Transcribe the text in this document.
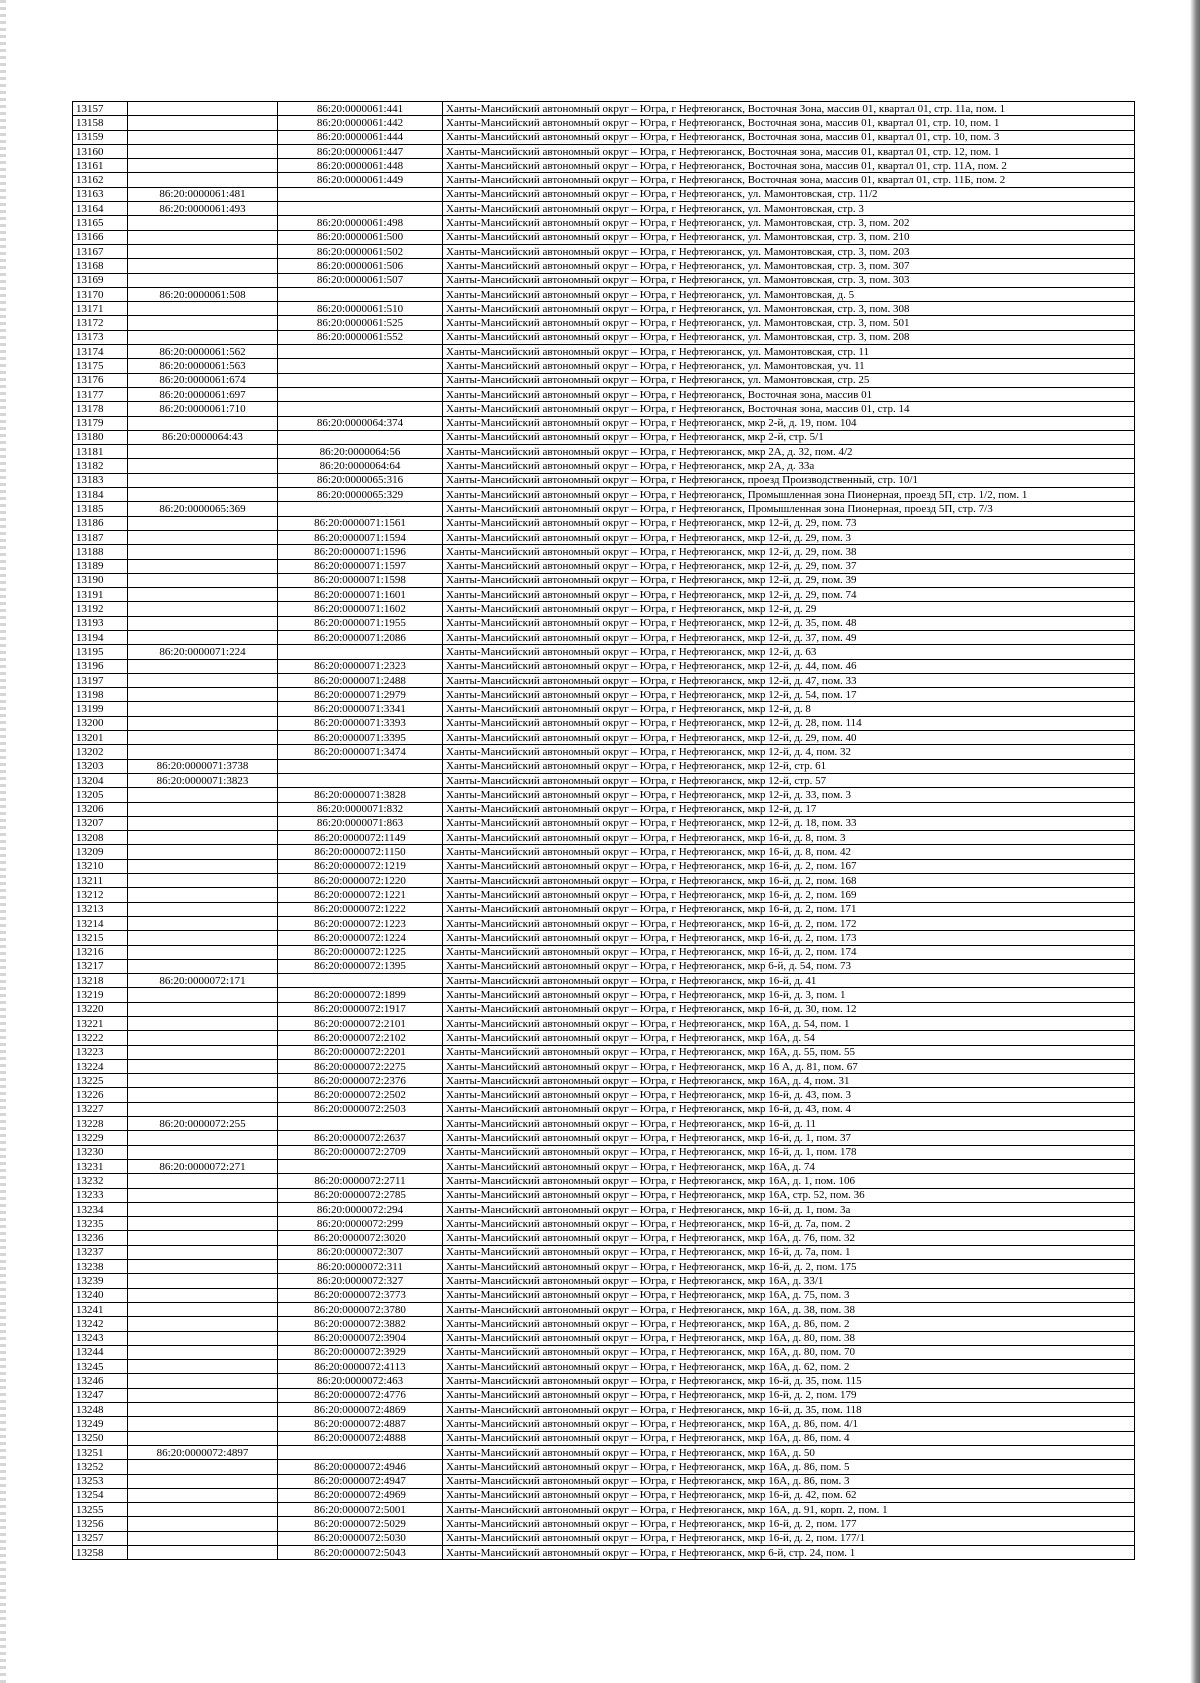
13157		86:20:0000061:441	Ханты-Мансийский автономный округ – Югра, г Нефтеюганск, Восточная Зона, массив 01, квартал 01, стр. 11а, пом. 1
13158		86:20:0000061:442	Ханты-Мансийский автономный округ – Югра, г Нефтеюганск, Восточная зона, массив 01, квартал 01, стр. 10, пом. 1
13159		86:20:0000061:444	Ханты-Мансийский автономный округ – Югра, г Нефтеюганск, Восточная зона, массив 01, квартал 01, стр. 10, пом. 3
13160		86:20:0000061:447	Ханты-Мансийский автономный округ – Югра, г Нефтеюганск, Восточная зона, массив 01, квартал 01, стр. 12, пом. 1
13161		86:20:0000061:448	Ханты-Мансийский автономный округ – Югра, г Нефтеюганск, Восточная зона, массив 01, квартал 01, стр. 11А, пом. 2
13162		86:20:0000061:449	Ханты-Мансийский автономный округ – Югра, г Нефтеюганск, Восточная зона, массив 01, квартал 01, стр. 11Б, пом. 2
13163	86:20:0000061:481		Ханты-Мансийский автономный округ – Югра, г Нефтеюганск, ул. Мамонтовская, стр. 11/2
13164	86:20:0000061:493		Ханты-Мансийский автономный округ – Югра, г Нефтеюганск, ул. Мамонтовская, стр. 3
13165		86:20:0000061:498	Ханты-Мансийский автономный округ – Югра, г Нефтеюганск, ул. Мамонтовская, стр. 3, пом. 202
13166		86:20:0000061:500	Ханты-Мансийский автономный округ – Югра, г Нефтеюганск, ул. Мамонтовская, стр. 3, пом. 210
13167		86:20:0000061:502	Ханты-Мансийский автономный округ – Югра, г Нефтеюганск, ул. Мамонтовская, стр. 3, пом. 203
13168		86:20:0000061:506	Ханты-Мансийский автономный округ – Югра, г Нефтеюганск, ул. Мамонтовская, стр. 3, пом. 307
13169		86:20:0000061:507	Ханты-Мансийский автономный округ – Югра, г Нефтеюганск, ул. Мамонтовская, стр. 3, пом. 303
13170	86:20:0000061:508		Ханты-Мансийский автономный округ – Югра, г Нефтеюганск, ул. Мамонтовская, д. 5
13171		86:20:0000061:510	Ханты-Мансийский автономный округ – Югра, г Нефтеюганск, ул. Мамонтовская, стр. 3, пом. 308
13172		86:20:0000061:525	Ханты-Мансийский автономный округ – Югра, г Нефтеюганск, ул. Мамонтовская, стр. 3, пом. 501
13173		86:20:0000061:552	Ханты-Мансийский автономный округ – Югра, г Нефтеюганск, ул. Мамонтовская, стр. 3, пом. 208
13174	86:20:0000061:562		Ханты-Мансийский автономный округ – Югра, г Нефтеюганск, ул. Мамонтовская, стр. 11
13175	86:20:0000061:563		Ханты-Мансийский автономный округ – Югра, г Нефтеюганск, ул. Мамонтовская, уч. 11
13176	86:20:0000061:674		Ханты-Мансийский автономный округ – Югра, г Нефтеюганск, ул. Мамонтовская, стр. 25
13177	86:20:0000061:697		Ханты-Мансийский автономный округ – Югра, г Нефтеюганск, Восточная зона, массив 01
13178	86:20:0000061:710		Ханты-Мансийский автономный округ – Югра, г Нефтеюганск, Восточная зона, массив 01, стр. 14
13179		86:20:0000064:374	Ханты-Мансийский автономный округ – Югра, г Нефтеюганск, мкр 2-й, д. 19, пом. 104
13180	86:20:0000064:43		Ханты-Мансийский автономный округ – Югра, г Нефтеюганск, мкр 2-й, стр. 5/1
13181		86:20:0000064:56	Ханты-Мансийский автономный округ – Югра, г Нефтеюганск, мкр 2А, д. 32, пом. 4/2
13182		86:20:0000064:64	Ханты-Мансийский автономный округ – Югра, г Нефтеюганск, мкр 2А, д. 33а
13183		86:20:0000065:316	Ханты-Мансийский автономный округ – Югра, г Нефтеюганск, проезд Производственный, стр. 10/1
13184		86:20:0000065:329	Ханты-Мансийский автономный округ – Югра, г Нефтеюганск, Промышленная зона Пионерная, проезд 5П, стр. 1/2, пом. 1
13185	86:20:0000065:369		Ханты-Мансийский автономный округ – Югра, г Нефтеюганск, Промышленная зона Пионерная, проезд 5П, стр. 7/3
13186		86:20:0000071:1561	Ханты-Мансийский автономный округ – Югра, г Нефтеюганск, мкр 12-й, д. 29, пом. 73
13187		86:20:0000071:1594	Ханты-Мансийский автономный округ – Югра, г Нефтеюганск, мкр 12-й, д. 29, пом. 3
13188		86:20:0000071:1596	Ханты-Мансийский автономный округ – Югра, г Нефтеюганск, мкр 12-й, д. 29, пом. 38
13189		86:20:0000071:1597	Ханты-Мансийский автономный округ – Югра, г Нефтеюганск, мкр 12-й, д. 29, пом. 37
13190		86:20:0000071:1598	Ханты-Мансийский автономный округ – Югра, г Нефтеюганск, мкр 12-й, д. 29, пом. 39
13191		86:20:0000071:1601	Ханты-Мансийский автономный округ – Югра, г Нефтеюганск, мкр 12-й, д. 29, пом. 74
13192		86:20:0000071:1602	Ханты-Мансийский автономный округ – Югра, г Нефтеюганск, мкр 12-й, д. 29
13193		86:20:0000071:1955	Ханты-Мансийский автономный округ – Югра, г Нефтеюганск, мкр 12-й, д. 35, пом. 48
13194		86:20:0000071:2086	Ханты-Мансийский автономный округ – Югра, г Нефтеюганск, мкр 12-й, д. 37, пом. 49
13195	86:20:0000071:224		Ханты-Мансийский автономный округ – Югра, г Нефтеюганск, мкр 12-й, д. 63
13196		86:20:0000071:2323	Ханты-Мансийский автономный округ – Югра, г Нефтеюганск, мкр 12-й, д. 44, пом. 46
13197		86:20:0000071:2488	Ханты-Мансийский автономный округ – Югра, г Нефтеюганск, мкр 12-й, д. 47, пом. 33
13198		86:20:0000071:2979	Ханты-Мансийский автономный округ – Югра, г Нефтеюганск, мкр 12-й, д. 54, пом. 17
13199		86:20:0000071:3341	Ханты-Мансийский автономный округ – Югра, г Нефтеюганск, мкр 12-й, д. 8
13200		86:20:0000071:3393	Ханты-Мансийский автономный округ – Югра, г Нефтеюганск, мкр 12-й, д. 28, пом. 114
13201		86:20:0000071:3395	Ханты-Мансийский автономный округ – Югра, г Нефтеюганск, мкр 12-й, д. 29, пом. 40
13202		86:20:0000071:3474	Ханты-Мансийский автономный округ – Югра, г Нефтеюганск, мкр 12-й, д. 4, пом. 32
13203	86:20:0000071:3738		Ханты-Мансийский автономный округ – Югра, г Нефтеюганск, мкр 12-й, стр. 61
13204	86:20:0000071:3823		Ханты-Мансийский автономный округ – Югра, г Нефтеюганск, мкр 12-й, стр. 57
13205		86:20:0000071:3828	Ханты-Мансийский автономный округ – Югра, г Нефтеюганск, мкр 12-й, д. 33, пом. 3
13206		86:20:0000071:832	Ханты-Мансийский автономный округ – Югра, г Нефтеюганск, мкр 12-й, д. 17
13207		86:20:0000071:863	Ханты-Мансийский автономный округ – Югра, г Нефтеюганск, мкр 12-й, д. 18, пом. 33
13208		86:20:0000072:1149	Ханты-Мансийский автономный округ – Югра, г Нефтеюганск, мкр 16-й, д. 8, пом. 3
13209		86:20:0000072:1150	Ханты-Мансийский автономный округ – Югра, г Нефтеюганск, мкр 16-й, д. 8, пом. 42
13210		86:20:0000072:1219	Ханты-Мансийский автономный округ – Югра, г Нефтеюганск, мкр 16-й, д. 2, пом. 167
13211		86:20:0000072:1220	Ханты-Мансийский автономный округ – Югра, г Нефтеюганск, мкр 16-й, д. 2, пом. 168
13212		86:20:0000072:1221	Ханты-Мансийский автономный округ – Югра, г Нефтеюганск, мкр 16-й, д. 2, пом. 169
13213		86:20:0000072:1222	Ханты-Мансийский автономный округ – Югра, г Нефтеюганск, мкр 16-й, д. 2, пом. 171
13214		86:20:0000072:1223	Ханты-Мансийский автономный округ – Югра, г Нефтеюганск, мкр 16-й, д. 2, пом. 172
13215		86:20:0000072:1224	Ханты-Мансийский автономный округ – Югра, г Нефтеюганск, мкр 16-й, д. 2, пом. 173
13216		86:20:0000072:1225	Ханты-Мансийский автономный округ – Югра, г Нефтеюганск, мкр 16-й, д. 2, пом. 174
13217		86:20:0000072:1395	Ханты-Мансийский автономный округ – Югра, г Нефтеюганск, мкр 6-й, д. 54, пом. 73
13218	86:20:0000072:171		Ханты-Мансийский автономный округ – Югра, г Нефтеюганск, мкр 16-й, д. 41
13219		86:20:0000072:1899	Ханты-Мансийский автономный округ – Югра, г Нефтеюганск, мкр 16-й, д. 3, пом. 1
13220		86:20:0000072:1917	Ханты-Мансийский автономный округ – Югра, г Нефтеюганск, мкр 16-й, д. 30, пом. 12
13221		86:20:0000072:2101	Ханты-Мансийский автономный округ – Югра, г Нефтеюганск, мкр 16А, д. 54, пом. 1
13222		86:20:0000072:2102	Ханты-Мансийский автономный округ – Югра, г Нефтеюганск, мкр 16А, д. 54
13223		86:20:0000072:2201	Ханты-Мансийский автономный округ – Югра, г Нефтеюганск, мкр 16А, д. 55, пом. 55
13224		86:20:0000072:2275	Ханты-Мансийский автономный округ – Югра, г Нефтеюганск, мкр 16 А, д. 81, пом. 67
13225		86:20:0000072:2376	Ханты-Мансийский автономный округ – Югра, г Нефтеюганск, мкр 16А, д. 4, пом. 31
13226		86:20:0000072:2502	Ханты-Мансийский автономный округ – Югра, г Нефтеюганск, мкр 16-й, д. 43, пом. 3
13227		86:20:0000072:2503	Ханты-Мансийский автономный округ – Югра, г Нефтеюганск, мкр 16-й, д. 43, пом. 4
13228	86:20:0000072:255		Ханты-Мансийский автономный округ – Югра, г Нефтеюганск, мкр 16-й, д. 11
13229		86:20:0000072:2637	Ханты-Мансийский автономный округ – Югра, г Нефтеюганск, мкр 16-й, д. 1, пом. 37
13230		86:20:0000072:2709	Ханты-Мансийский автономный округ – Югра, г Нефтеюганск, мкр 16-й, д. 1, пом. 178
13231	86:20:0000072:271		Ханты-Мансийский автономный округ – Югра, г Нефтеюганск, мкр 16А, д. 74
13232		86:20:0000072:2711	Ханты-Мансийский автономный округ – Югра, г Нефтеюганск, мкр 16А, д. 1, пом. 106
13233		86:20:0000072:2785	Ханты-Мансийский автономный округ – Югра, г Нефтеюганск, мкр 16А, стр. 52, пом. 36
13234		86:20:0000072:294	Ханты-Мансийский автономный округ – Югра, г Нефтеюганск, мкр 16-й, д. 1, пом. 3а
13235		86:20:0000072:299	Ханты-Мансийский автономный округ – Югра, г Нефтеюганск, мкр 16-й, д. 7а, пом. 2
13236		86:20:0000072:3020	Ханты-Мансийский автономный округ – Югра, г Нефтеюганск, мкр 16А, д. 76, пом. 32
13237		86:20:0000072:307	Ханты-Мансийский автономный округ – Югра, г Нефтеюганск, мкр 16-й, д. 7а, пом. 1
13238		86:20:0000072:311	Ханты-Мансийский автономный округ – Югра, г Нефтеюганск, мкр 16-й, д. 2, пом. 175
13239		86:20:0000072:327	Ханты-Мансийский автономный округ – Югра, г Нефтеюганск, мкр 16А, д. 33/1
13240		86:20:0000072:3773	Ханты-Мансийский автономный округ – Югра, г Нефтеюганск, мкр 16А, д. 75, пом. 3
13241		86:20:0000072:3780	Ханты-Мансийский автономный округ – Югра, г Нефтеюганск, мкр 16А, д. 38, пом. 38
13242		86:20:0000072:3882	Ханты-Мансийский автономный округ – Югра, г Нефтеюганск, мкр 16А, д. 86, пом. 2
13243		86:20:0000072:3904	Ханты-Мансийский автономный округ – Югра, г Нефтеюганск, мкр 16А, д. 80, пом. 38
13244		86:20:0000072:3929	Ханты-Мансийский автономный округ – Югра, г Нефтеюганск, мкр 16А, д. 80, пом. 70
13245		86:20:0000072:4113	Ханты-Мансийский автономный округ – Югра, г Нефтеюганск, мкр 16А, д. 62, пом. 2
13246		86:20:0000072:463	Ханты-Мансийский автономный округ – Югра, г Нефтеюганск, мкр 16-й, д. 35, пом. 115
13247		86:20:0000072:4776	Ханты-Мансийский автономный округ – Югра, г Нефтеюганск, мкр 16-й, д. 2, пом. 179
13248		86:20:0000072:4869	Ханты-Мансийский автономный округ – Югра, г Нефтеюганск, мкр 16-й, д. 35, пом. 118
13249		86:20:0000072:4887	Ханты-Мансийский автономный округ – Югра, г Нефтеюганск, мкр 16А, д. 86, пом. 4/1
13250		86:20:0000072:4888	Ханты-Мансийский автономный округ – Югра, г Нефтеюганск, мкр 16А, д. 86, пом. 4
13251	86:20:0000072:4897		Ханты-Мансийский автономный округ – Югра, г Нефтеюганск, мкр 16А, д. 50
13252		86:20:0000072:4946	Ханты-Мансийский автономный округ – Югра, г Нефтеюганск, мкр 16А, д. 86, пом. 5
13253		86:20:0000072:4947	Ханты-Мансийский автономный округ – Югра, г Нефтеюганск, мкр 16А, д. 86, пом. 3
13254		86:20:0000072:4969	Ханты-Мансийский автономный округ – Югра, г Нефтеюганск, мкр 16-й, д. 42, пом. 62
13255		86:20:0000072:5001	Ханты-Мансийский автономный округ – Югра, г Нефтеюганск, мкр 16А, д. 91, корп. 2, пом. 1
13256		86:20:0000072:5029	Ханты-Мансийский автономный округ – Югра, г Нефтеюганск, мкр 16-й, д. 2, пом. 177
13257		86:20:0000072:5030	Ханты-Мансийский автономный округ – Югра, г Нефтеюганск, мкр 16-й, д. 2, пом. 177/1
13258		86:20:0000072:5043	Ханты-Мансийский автономный округ – Югра, г Нефтеюганск, мкр 6-й, стр. 24, пом. 1
